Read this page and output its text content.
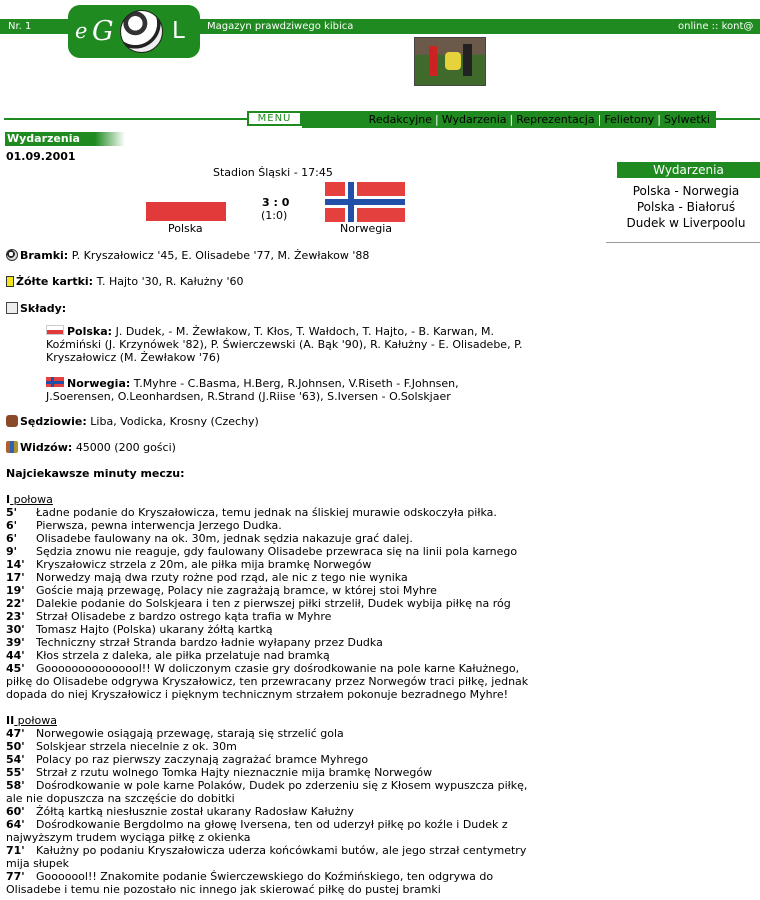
Nr. 1	Magazyn prawdziwego kibica	online :: kont@
e G	L
MENU	Redakcyjne | Wydarzenia | Reprezentacja | Felietony | Sylwetki
Wydarzenia
01.09.2001
Stadion Śląski - 17:45
Polska	Norwegia
3 : 0
(1:0)
Wydarzenia
Polska - Norwegia
Polska - Białoruś
Dudek w Liverpoolu
Bramki: P. Kryszałowicz '45, E. Olisadebe '77, M. Żewłakow '88
Żółte kartki: T. Hajto '30, R. Kałużny '60
Składy:
Polska: J. Dudek, - M. Żewłakow, T. Kłos, T. Wałdoch, T. Hajto, - B. Karwan, M.
Koźmiński (J. Krzynówek '82), P. Świerczewski (A. Bąk '90), R. Kałużny - E. Olisadebe, P.
Kryszałowicz (M. Żewłakow '76)
Norwegia: T.Myhre - C.Basma, H.Berg, R.Johnsen, V.Riseth - F.Johnsen,
J.Soerensen, O.Leonhardsen, R.Strand (J.Riise '63), S.Iversen - O.Solskjaer
Sędziowie: Liba, Vodicka, Krosny (Czechy)
Widzów: 45000 (200 gości)
Najciekawsze minuty meczu:
I połowa
5' Ładne podanie do Kryszałowicza, temu jednak na śliskiej murawie odskoczyła piłka.
6' Pierwsza, pewna interwencja Jerzego Dudka.
6' Olisadebe faulowany na ok. 30m, jednak sędzia nakazuje grać dalej.
9' Sędzia znowu nie reaguje, gdy faulowany Olisadebe przewraca się na linii pola karnego
14' Kryszałowicz strzela z 20m, ale piłka mija bramkę Norwegów
17' Norwedzy mają dwa rzuty rożne pod rząd, ale nic z tego nie wynika
19' Goście mają przewagę, Polacy nie zagrażają bramce, w której stoi Myhre
22' Dalekie podanie do Solskjeara i ten z pierwszej piłki strzelił, Dudek wybija piłkę na róg
23' Strzał Olisadebe z bardzo ostrego kąta trafia w Myhre
30' Tomasz Hajto (Polska) ukarany żółtą kartką
39' Techniczny strzał Stranda bardzo ładnie wyłapany przez Dudka
44' Kłos strzela z daleka, ale piłka przelatuje nad bramką
45' Gooooooooooooool!! W doliczonym czasie gry dośrodkowanie na pole karne Kałużnego, piłkę do Olisadebe odgrywa Kryszałowicz, ten przewracany przez Norwegów traci piłkę, jednak dopada do niej Kryszałowicz i pięknym technicznym strzałem pokonuje bezradnego Myhre!
II połowa
47' Norwegowie osiągają przewagę, starają się strzelić gola
50' Solskjear strzela niecelnie z ok. 30m
54' Polacy po raz pierwszy zaczynają zagrażać bramce Myhrego
55' Strzał z rzutu wolnego Tomka Hajty nieznacznie mija bramkę Norwegów
58' Dośrodkowanie w pole karne Polaków, Dudek po zderzeniu się z Kłosem wypuszcza piłkę, ale nie dopuszcza na szczęście do dobitki
60' Żółtą kartką niesłusznie został ukarany Radosław Kałużny
64' Dośrodkowanie Bergdolmo na głowę Iversena, ten od uderzył piłkę po koźle i Dudek z najwyższym trudem wyciąga piłkę z okienka
71' Kałużny po podaniu Kryszałowicza uderza końcówkami butów, ale jego strzał centymetry mija słupek
77' Gooooool!! Znakomite podanie Świerczewskiego do Koźmińskiego, ten odgrywa do Olisadebe i temu nie pozostało nic innego jak skierować piłkę do pustej bramki
